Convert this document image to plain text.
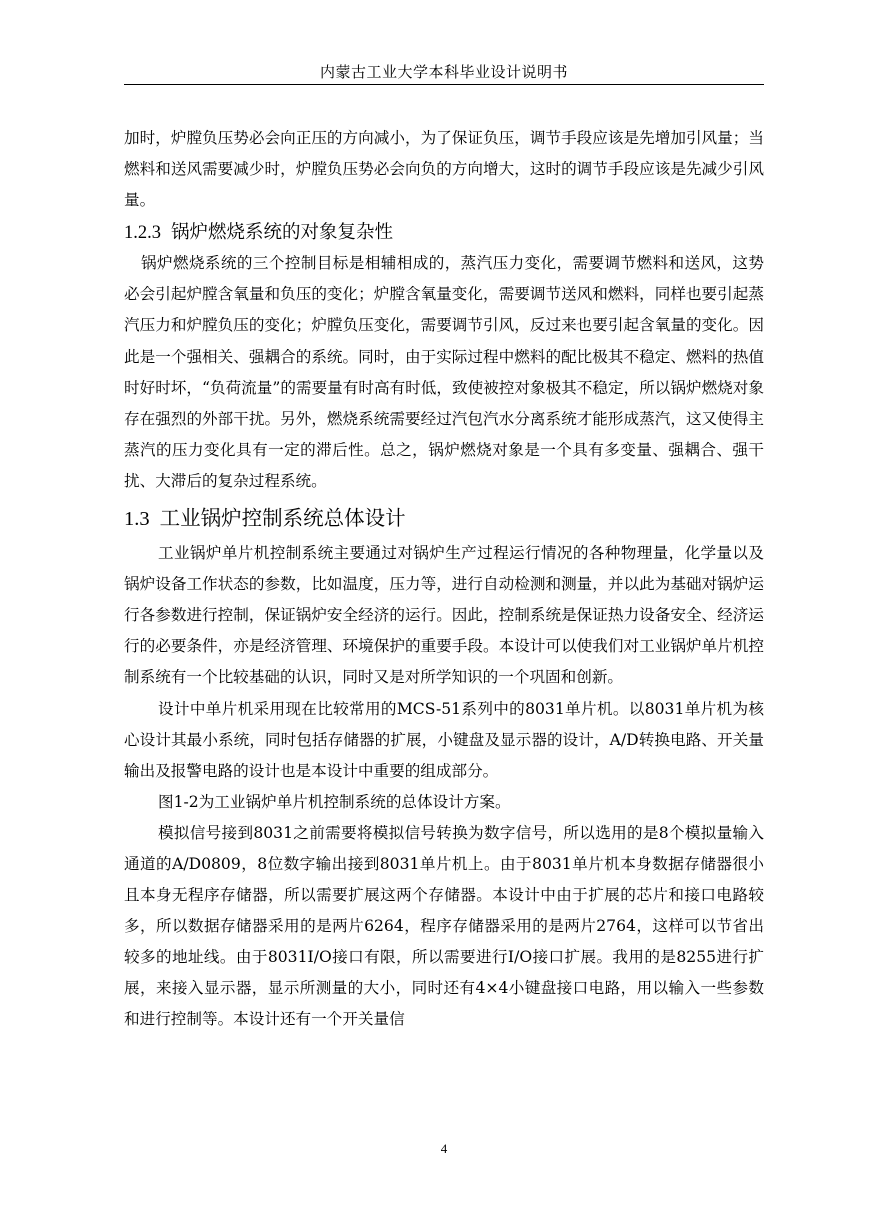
内蒙古工业大学本科毕业设计说明书

加时，炉膛负压势必会向正压的方向减小，为了保证负压，调节手段应该是先增加引风量；当燃料和送风需要减少时，炉膛负压势必会向负的方向增大，这时的调节手段应该是先减少引风量。

1.2.3 锅炉燃烧系统的对象复杂性

锅炉燃烧系统的三个控制目标是相辅相成的，蒸汽压力变化，需要调节燃料和送风，这势必会引起炉膛含氧量和负压的变化；炉膛含氧量变化，需要调节送风和燃料，同样也要引起蒸汽压力和炉膛负压的变化；炉膛负压变化，需要调节引风，反过来也要引起含氧量的变化。因此是一个强相关、强耦合的系统。同时，由于实际过程中燃料的配比极其不稳定、燃料的热值时好时坏，“负荷流量”的需要量有时高有时低，致使被控对象极其不稳定，所以锅炉燃烧对象存在强烈的外部干扰。另外，燃烧系统需要经过汽包汽水分离系统才能形成蒸汽，这又使得主蒸汽的压力变化具有一定的滞后性。总之，锅炉燃烧对象是一个具有多变量、强耦合、强干扰、大滞后的复杂过程系统。

1.3 工业锅炉控制系统总体设计

工业锅炉单片机控制系统主要通过对锅炉生产过程运行情况的各种物理量，化学量以及锅炉设备工作状态的参数，比如温度，压力等，进行自动检测和测量，并以此为基础对锅炉运行各参数进行控制，保证锅炉安全经济的运行。因此，控制系统是保证热力设备安全、经济运行的必要条件，亦是经济管理、环境保护的重要手段。本设计可以使我们对工业锅炉单片机控制系统有一个比较基础的认识，同时又是对所学知识的一个巩固和创新。

设计中单片机采用现在比较常用的MCS-51系列中的8031单片机。以8031单片机为核心设计其最小系统，同时包括存储器的扩展，小键盘及显示器的设计，A/D转换电路、开关量输出及报警电路的设计也是本设计中重要的组成部分。

图1-2为工业锅炉单片机控制系统的总体设计方案。

模拟信号接到8031之前需要将模拟信号转换为数字信号，所以选用的是8个模拟量输入通道的A/D0809，8位数字输出接到8031单片机上。由于8031单片机本身数据存储器很小且本身无程序存储器，所以需要扩展这两个存储器。本设计中由于扩展的芯片和接口电路较多，所以数据存储器采用的是两片6264，程序存储器采用的是两片2764，这样可以节省出较多的地址线。由于8031I/O接口有限，所以需要进行I/O接口扩展。我用的是8255进行扩展，来接入显示器，显示所测量的大小，同时还有4×4小键盘接口电路，用以输入一些参数和进行控制等。本设计还有一个开关量信

4
